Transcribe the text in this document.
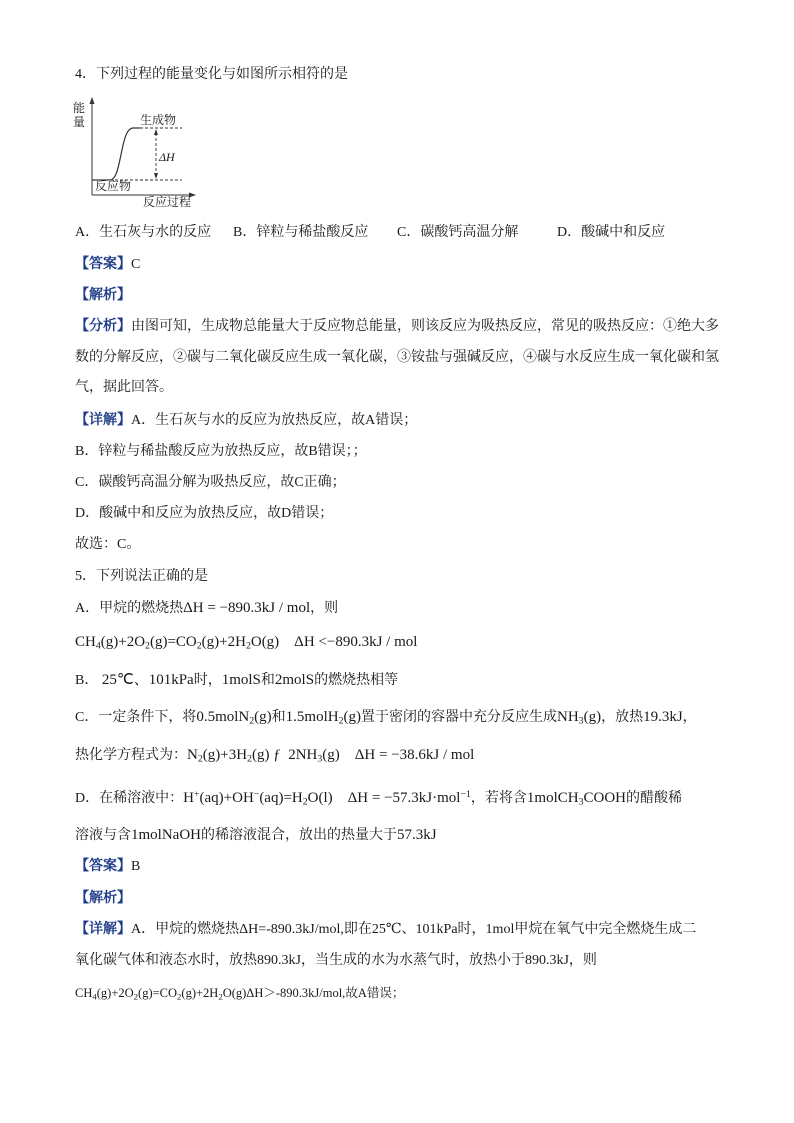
4．下列过程的能量变化与如图所示相符的是
能量	生成物
ΔH
反应物
反应过程
A．生石灰与水的反应 B．锌粒与稀盐酸反应 C．碳酸钙高温分解	D．酸碱中和反应
【答案】C
【解析】
【分析】由图可知，生成物总能量大于反应物总能量，则该反应为吸热反应，常见的吸热反应：①绝大多
数的分解反应，②碳与二氧化碳反应生成一氧化碳，③铵盐与强碱反应，④碳与水反应生成一氧化碳和氢
气，据此回答。
【详解】A．生石灰与水的反应为放热反应，故A错误；
B．锌粒与稀盐酸反应为放热反应，故B错误；；
C．碳酸钙高温分解为吸热反应，故C正确；
D．酸碱中和反应为放热反应，故D错误；
故选：C。
5．下列说法正确的是
A．甲烷的燃烧热ΔH = −890.3kJ / mol，则
$CH_4(g)+2O_2(g)=CO_2(g)+2H_2O(g)$    ΔH <−890.3kJ / mol
B． 25℃、101kPa时，1molS和2molS的燃烧热相等
C．一定条件下，将0.5molN$_2$(g)和1.5molH$_2$(g)置于密闭的容器中充分反应生成$NH_3(g)$，放热19.3kJ，
热化学方程式为：$N_2(g)+3H_2(g)$ ƒ  $2NH_3(g)$    ΔH = −38.6kJ / mol
D．在稀溶液中：$H^+(aq)+OH^-(aq)=H_2O(l)$    ΔH = −57.3kJ·mol$^{-1}$，若将含1molCH$_3$COOH的醋酸稀
溶液与含1molNaOH的稀溶液混合，放出的热量大于57.3kJ
【答案】B
【解析】
【详解】A．甲烷的燃烧热ΔH=-890.3kJ/mol,即在25℃、101kPa时，1mol甲烷在氧气中完全燃烧生成二
氧化碳气体和液态水时，放热890.3kJ，当生成的水为水蒸气时，放热小于890.3kJ，则
$CH_4(g)+2O_2(g)=CO_2(g)+2H_2O(g)\Delta H>-890.3kJ$/mol,故A错误；
